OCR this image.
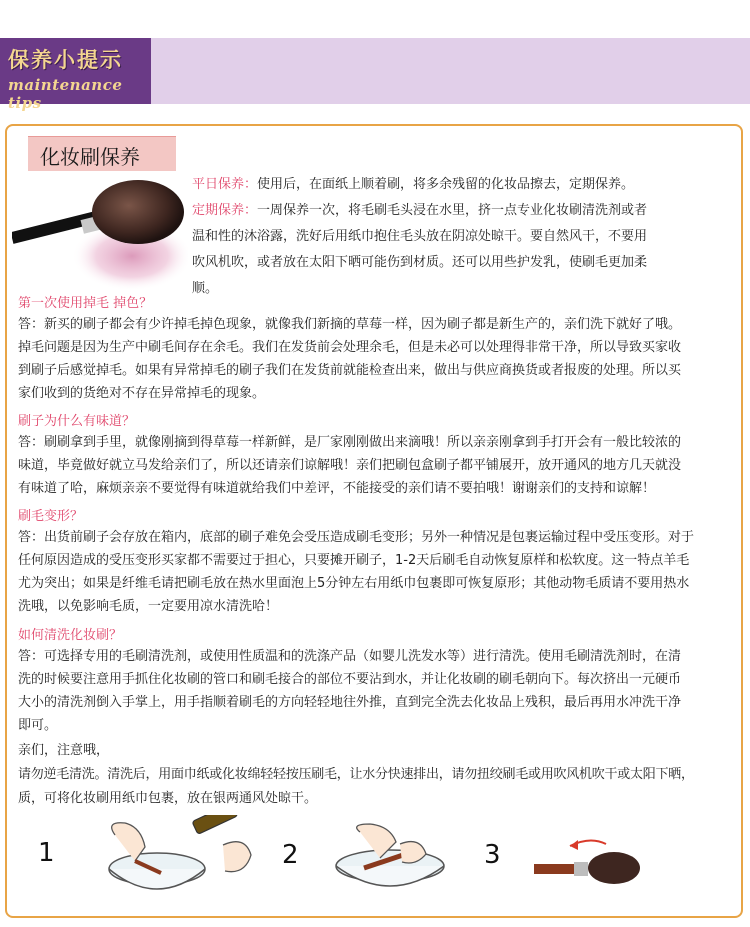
保养小提示
maintenance tips
化妆刷保养
平日保养：使用后，在面纸上顺着刷，将多余残留的化妆品擦去，定期保养。
定期保养：一周保养一次，将毛刷毛头浸在水里，挤一点专业化妆刷清洗剂或者
温和性的沐浴露，洗好后用纸巾抱住毛头放在阴凉处晾干。要自然风干，不要用
吹风机吹，或者放在太阳下晒可能伤到材质。还可以用些护发乳，使刷毛更加柔
顺。
第一次使用掉毛 掉色？
答：新买的刷子都会有少许掉毛掉色现象，就像我们新摘的草莓一样，因为刷子都是新生产的，亲们洗下就好了哦。
掉毛问题是因为生产中刷毛间存在余毛。我们在发货前会处理余毛，但是未必可以处理得非常干净，所以导致买家收
到刷子后感觉掉毛。如果有异常掉毛的刷子我们在发货前就能检查出来，做出与供应商换货或者报废的处理。所以买
家们收到的货绝对不存在异常掉毛的现象。
刷子为什么有味道？
答：刷刷拿到手里，就像刚摘到得草莓一样新鲜，是厂家刚刚做出来滴哦！所以亲亲刚拿到手打开会有一般比较浓的
味道，毕竟做好就立马发给亲们了，所以还请亲们谅解哦！亲们把刷包盒刷子都平铺展开，放开通风的地方几天就没
有味道了哈，麻烦亲亲不要觉得有味道就给我们中差评，不能接受的亲们请不要拍哦！谢谢亲们的支持和谅解！
刷毛变形？
答：出货前刷子会存放在箱内，底部的刷子难免会受压造成刷毛变形；另外一种情况是包裹运输过程中受压变形。对于
任何原因造成的受压变形买家都不需要过于担心，只要摊开刷子，1-2天后刷毛自动恢复原样和松软度。这一特点羊毛
尤为突出；如果是纤维毛请把刷毛放在热水里面泡上5分钟左右用纸巾包裹即可恢复原形；其他动物毛质请不要用热水
洗哦，以免影响毛质，一定要用凉水清洗哈！
如何清洗化妆刷？
答：可选择专用的毛刷清洗剂，或使用性质温和的洗涤产品（如婴儿洗发水等）进行清洗。使用毛刷清洗剂时，在清
洗的时候要注意用手抓住化妆刷的管口和刷毛接合的部位不要沾到水，并让化妆刷的刷毛朝向下。每次挤出一元硬币
大小的清洗剂倒入手掌上，用手指顺着刷毛的方向轻轻地往外推，直到完全洗去化妆品上残积，最后再用水冲洗干净
即可。
亲们，注意哦，
请勿逆毛清洗。清洗后，用面巾纸或化妆绵轻轻按压刷毛，让水分快速排出，请勿扭绞刷毛或用吹风机吹干或太阳下晒，
质，可将化妆刷用纸巾包裹，放在银两通风处晾干。
1	2	3
